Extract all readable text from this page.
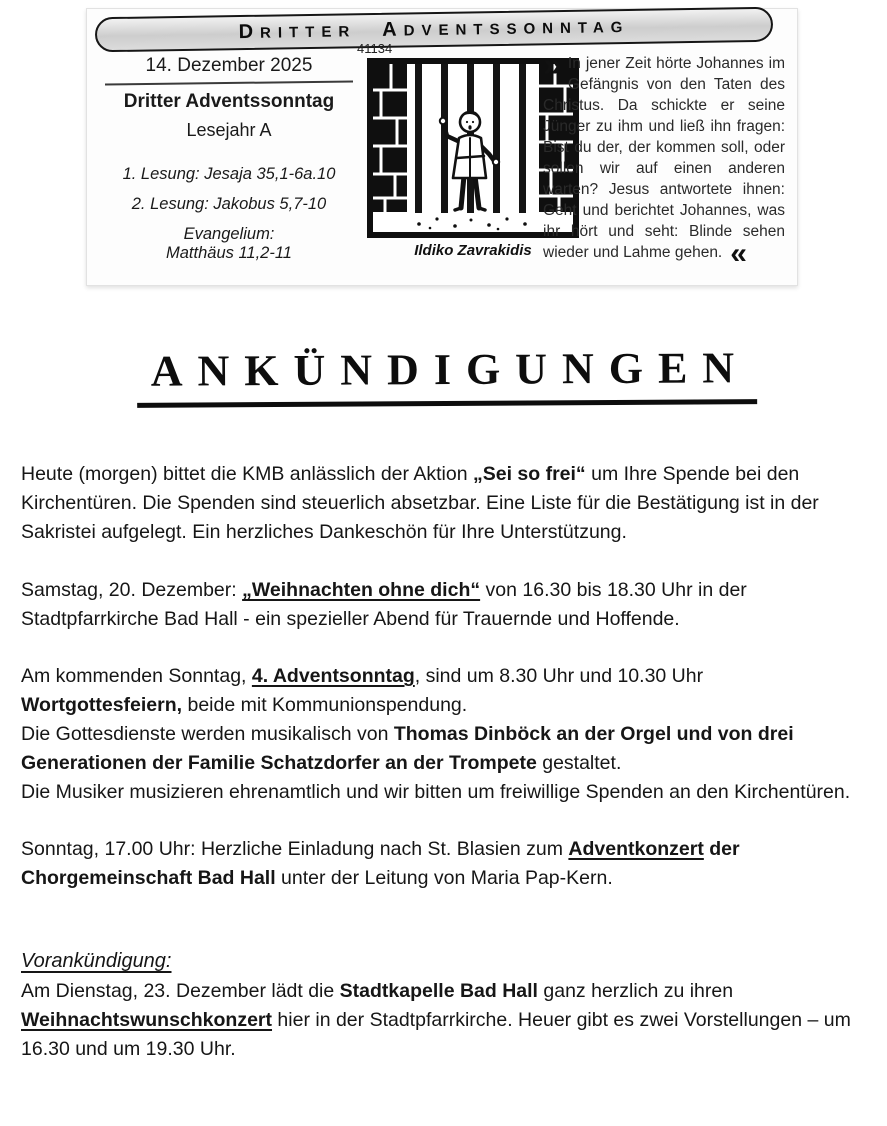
DRITTER ADVENTSSONNTAG
14. Dezember 2025
Dritter Adventssonntag
Lesejahr A
1. Lesung: Jesaja 35,1-6a.10
2. Lesung: Jakobus 5,7-10
Evangelium:
Matthäus 11,2-11
41134
Ildiko Zavrakidis
» In jener Zeit hörte Johannes im Gefängnis von den Taten des Christus. Da schickte er seine Jünger zu ihm und ließ ihn fragen: Bist du der, der kommen soll, oder sollen wir auf einen anderen warten? Jesus antwortete ihnen: Geht und berichtet Johannes, was ihr hört und seht: Blinde sehen wieder und Lahme gehen. «
ANKÜNDIGUNGEN

Heute (morgen) bittet die KMB anlässlich der Aktion „Sei so frei“ um Ihre Spende bei den Kirchentüren. Die Spenden sind steuerlich absetzbar. Eine Liste für die Bestätigung ist in der Sakristei aufgelegt. Ein herzliches Dankeschön für Ihre Unterstützung.

Samstag, 20. Dezember: „Weihnachten ohne dich“ von 16.30 bis 18.30 Uhr in der Stadtpfarrkirche Bad Hall - ein spezieller Abend für Trauernde und Hoffende.

Am kommenden Sonntag, 4. Adventsonntag, sind um 8.30 Uhr und 10.30 Uhr
Wortgottesfeiern, beide mit Kommunionspendung.
Die Gottesdienste werden musikalisch von Thomas Dinböck an der Orgel und von drei Generationen der Familie Schatzdorfer an der Trompete gestaltet.
Die Musiker musizieren ehrenamtlich und wir bitten um freiwillige Spenden an den Kirchentüren.

Sonntag, 17.00 Uhr: Herzliche Einladung nach St. Blasien zum Adventkonzert der Chorgemeinschaft Bad Hall unter der Leitung von Maria Pap-Kern.

Vorankündigung:

Am Dienstag, 23. Dezember lädt die Stadtkapelle Bad Hall ganz herzlich zu ihren Weihnachtswunschkonzert hier in der Stadtpfarrkirche. Heuer gibt es zwei Vorstellungen – um 16.30 und um 19.30 Uhr.
